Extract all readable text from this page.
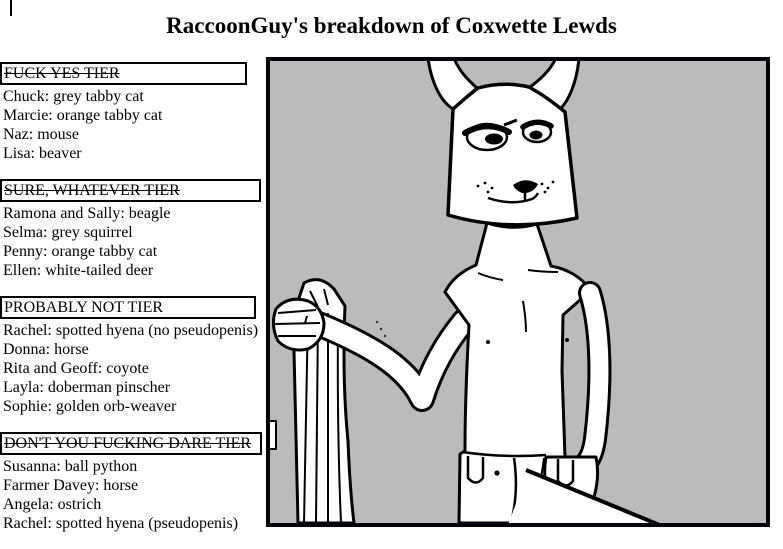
RaccoonGuy's breakdown of Coxwette Lewds
FUCK YES TIER
Chuck: grey tabby cat
Marcie: orange tabby cat
Naz: mouse
Lisa: beaver
SURE, WHATEVER TIER
Ramona and Sally: beagle
Selma: grey squirrel
Penny: orange tabby cat
Ellen: white-tailed deer
PROBABLY NOT TIER
Rachel: spotted hyena (no pseudopenis)
Donna: horse
Rita and Geoff: coyote
Layla: doberman pinscher
Sophie: golden orb-weaver
DON'T YOU FUCKING DARE TIER
Susanna: ball python
Farmer Davey: horse
Angela: ostrich
Rachel: spotted hyena (pseudopenis)
